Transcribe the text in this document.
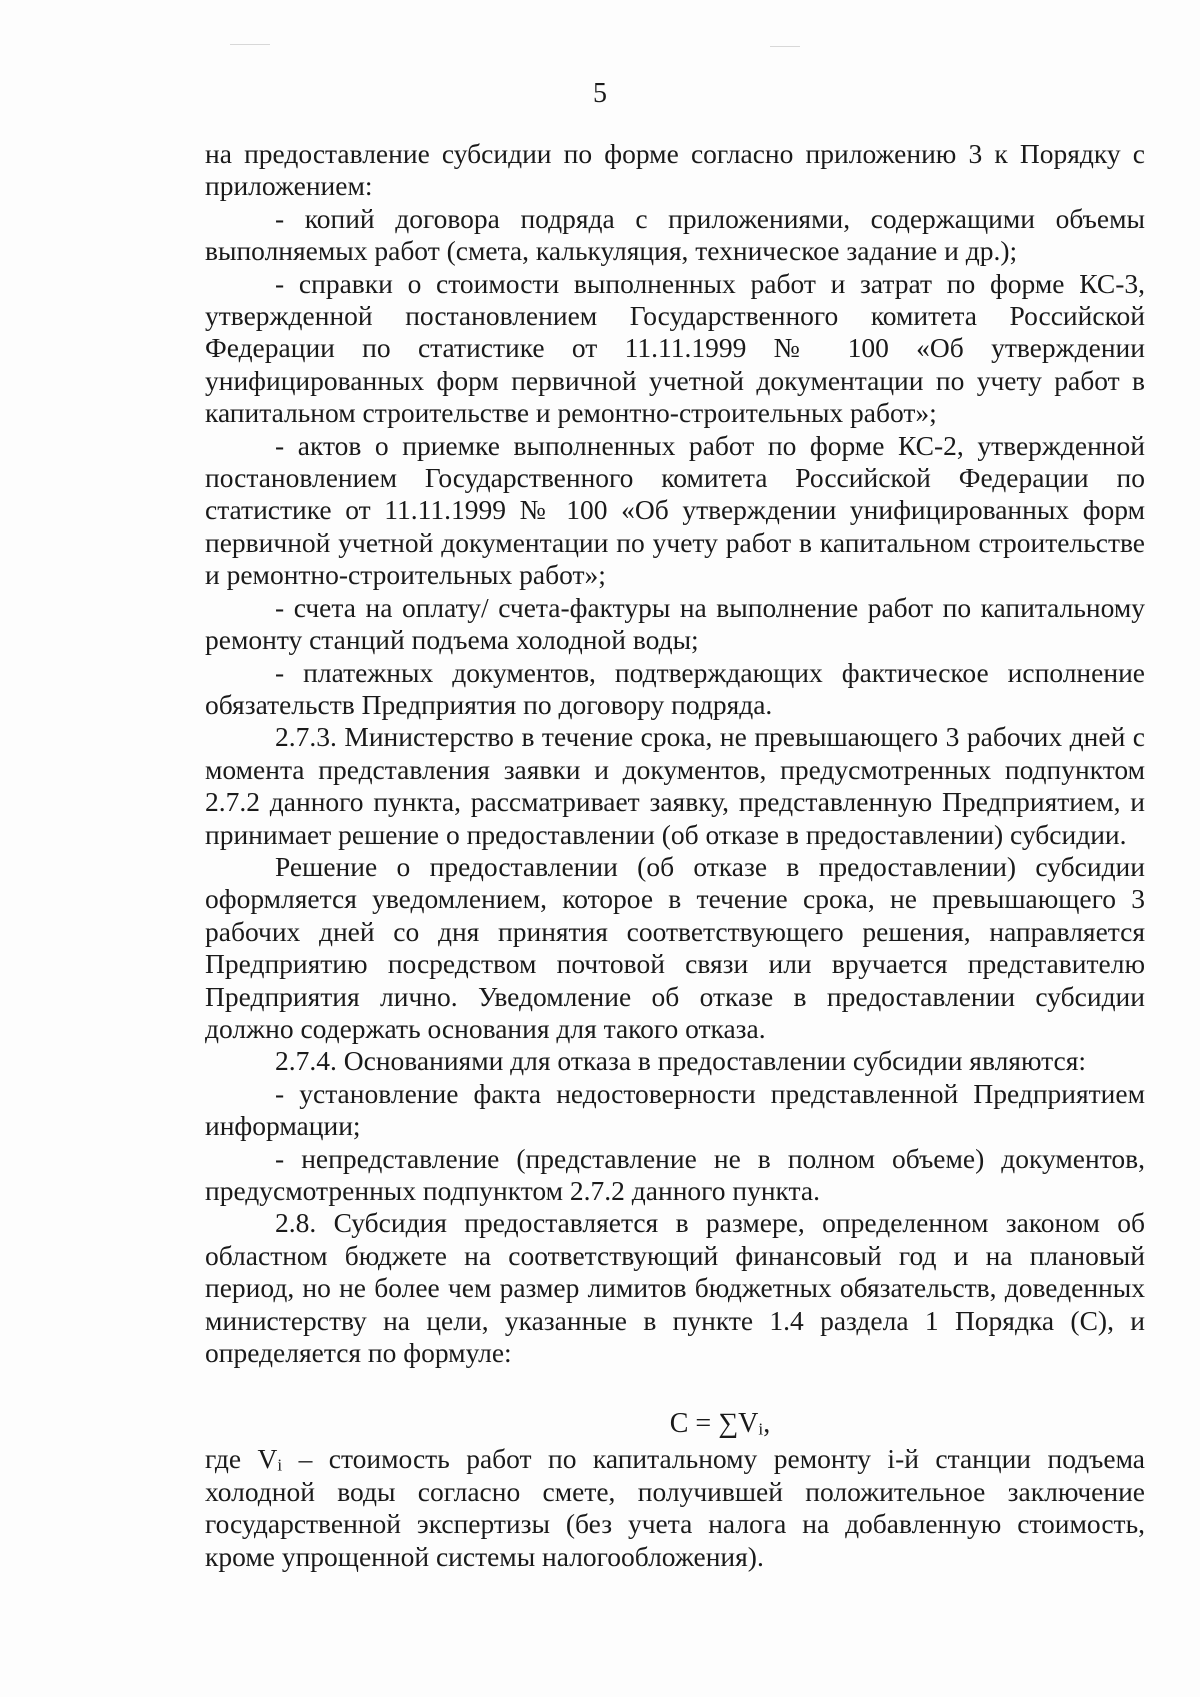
5

на предоставление субсидии по форме согласно приложению 3 к Порядку с приложением:

- копий договора подряда с приложениями, содержащими объемы выполняемых работ (смета, калькуляция, техническое задание и др.);

- справки о стоимости выполненных работ и затрат по форме КС-3, утвержденной постановлением Государственного комитета Российской Федерации по статистике от 11.11.1999 № 100 «Об утверждении унифицированных форм первичной учетной документации по учету работ в капитальном строительстве и ремонтно-строительных работ»;

- актов о приемке выполненных работ по форме КС-2, утвержденной постановлением Государственного комитета Российской Федерации по статистике от 11.11.1999 № 100 «Об утверждении унифицированных форм первичной учетной документации по учету работ в капитальном строительстве и ремонтно-строительных работ»;

- счета на оплату/ счета-фактуры на выполнение работ по капитальному ремонту станций подъема холодной воды;

- платежных документов, подтверждающих фактическое исполнение обязательств Предприятия по договору подряда.

2.7.3. Министерство в течение срока, не превышающего 3 рабочих дней с момента представления заявки и документов, предусмотренных подпунктом 2.7.2 данного пункта, рассматривает заявку, представленную Предприятием, и принимает решение о предоставлении (об отказе в предоставлении) субсидии.

Решение о предоставлении (об отказе в предоставлении) субсидии оформляется уведомлением, которое в течение срока, не превышающего 3 рабочих дней со дня принятия соответствующего решения, направляется Предприятию посредством почтовой связи или вручается представителю Предприятия лично. Уведомление об отказе в предоставлении субсидии должно содержать основания для такого отказа.

2.7.4. Основаниями для отказа в предоставлении субсидии являются:

- установление факта недостоверности представленной Предприятием информации;

- непредставление (представление не в полном объеме) документов, предусмотренных подпунктом 2.7.2 данного пункта.

2.8. Субсидия предоставляется в размере, определенном законом об областном бюджете на соответствующий финансовый год и на плановый период, но не более чем размер лимитов бюджетных обязательств, доведенных министерству на цели, указанные в пункте 1.4 раздела 1 Порядка (С), и определяется по формуле:

$C = \sum V_i$,

где $V_i$ – стоимость работ по капитальному ремонту i-й станции подъема холодной воды согласно смете, получившей положительное заключение государственной экспертизы (без учета налога на добавленную стоимость, кроме упрощенной системы налогообложения).
